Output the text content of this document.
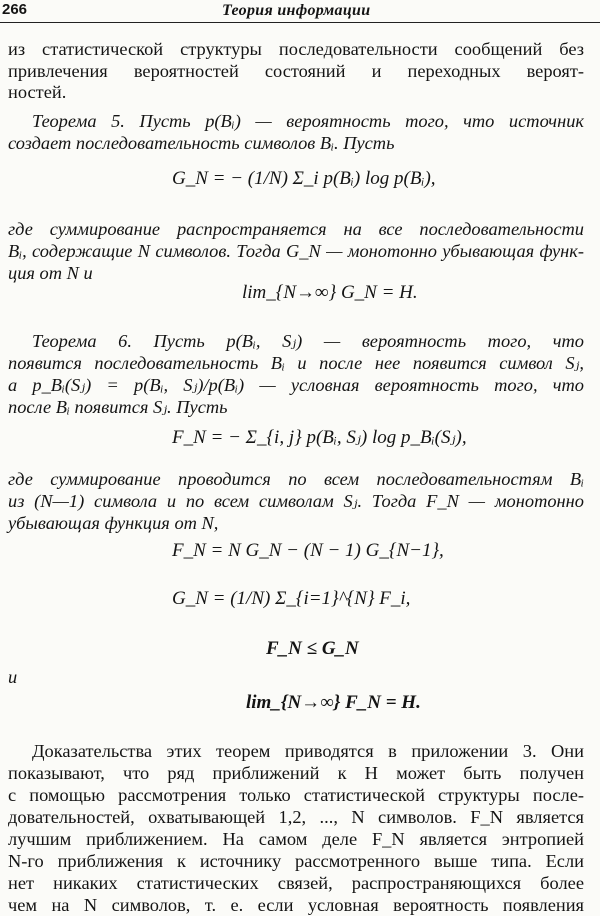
266	Теория информации
из статистической структуры последовательности сообщений без
привлечения вероятностей состояний и переходных вероят-
ностей.
Теорема 5. Пусть p(Bᵢ) — вероятность того, что источник
создает последовательность символов Bᵢ. Пусть
G_N = − (1/N) Σ_i p(Bᵢ) log p(Bᵢ),
где суммирование распространяется на все последовательности
Bᵢ, содержащие N символов. Тогда G_N — монотонно убывающая функ-
ция от N и
lim_{N→∞} G_N = H.
Теорема 6. Пусть p(Bᵢ, Sⱼ) — вероятность того, что
появится последовательность Bᵢ и после нее появится символ Sⱼ,
а p_Bᵢ(Sⱼ) = p(Bᵢ, Sⱼ)/p(Bᵢ) — условная вероятность того, что
после Bᵢ появится Sⱼ. Пусть
F_N = − Σ_{i, j} p(Bᵢ, Sⱼ) log p_Bᵢ(Sⱼ),
где суммирование проводится по всем последовательностям Bᵢ
из (N—1) символа и по всем символам Sⱼ. Тогда F_N — монотонно
убывающая функция от N,
F_N = N G_N − (N − 1) G_{N−1},
G_N = (1/N) Σ_{i=1}^{N} F_i,
F_N ≤ G_N
и
lim_{N→∞} F_N = H.
Доказательства этих теорем приводятся в приложении 3. Они
показывают, что ряд приближений к H может быть получен
с помощью рассмотрения только статистической структуры после-
довательностей, охватывающей 1,2, ..., N символов. F_N является
лучшим приближением. На самом деле F_N является энтропией
N-го приближения к источнику рассмотренного выше типа. Если
нет никаких статистических связей, распространяющихся более
чем на N символов, т. е. если условная вероятность появления
